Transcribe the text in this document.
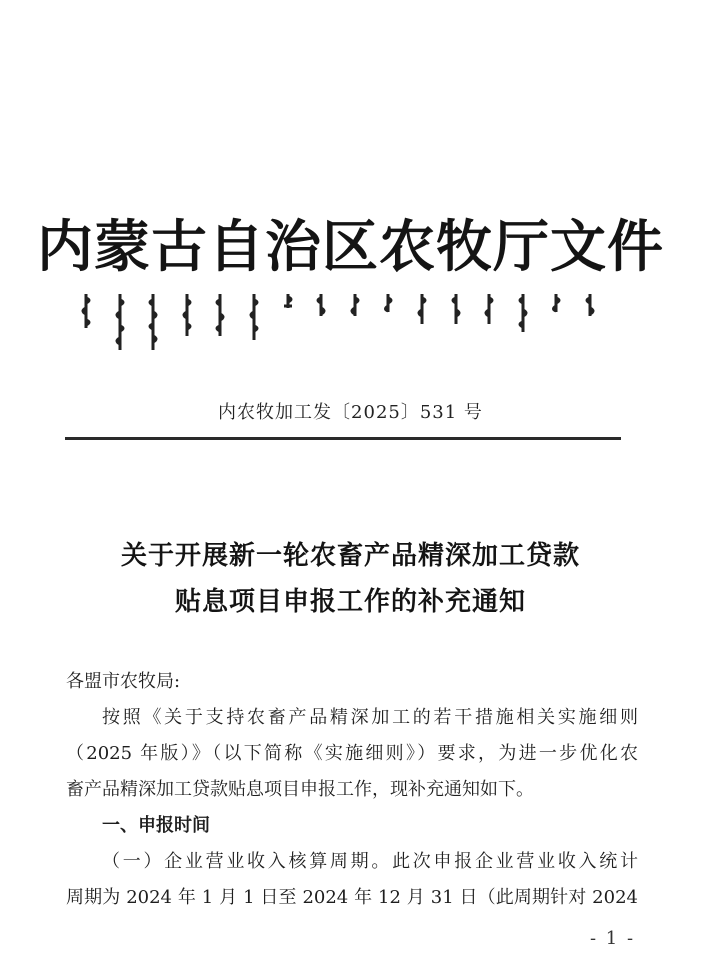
内蒙古自治区农牧厅文件
内农牧加工发〔2025〕531 号
关于开展新一轮农畜产品精深加工贷款
贴息项目申报工作的补充通知

各盟市农牧局:

按照《关于支持农畜产品精深加工的若干措施相关实施细则

（2025 年版）》（以下简称《实施细则》）要求，为进一步优化农

畜产品精深加工贷款贴息项目申报工作，现补充通知如下。

一、申报时间

（一）企业营业收入核算周期。此次申报企业营业收入统计

周期为 2024 年 1 月 1 日至 2024 年 12 月 31 日（此周期针对 2024

- 1 -
